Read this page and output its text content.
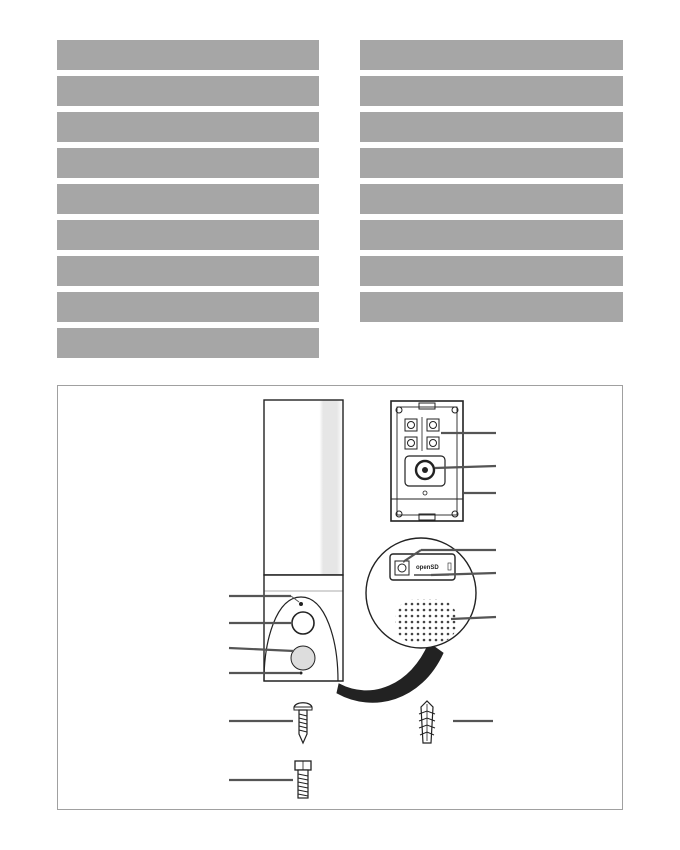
openSD
